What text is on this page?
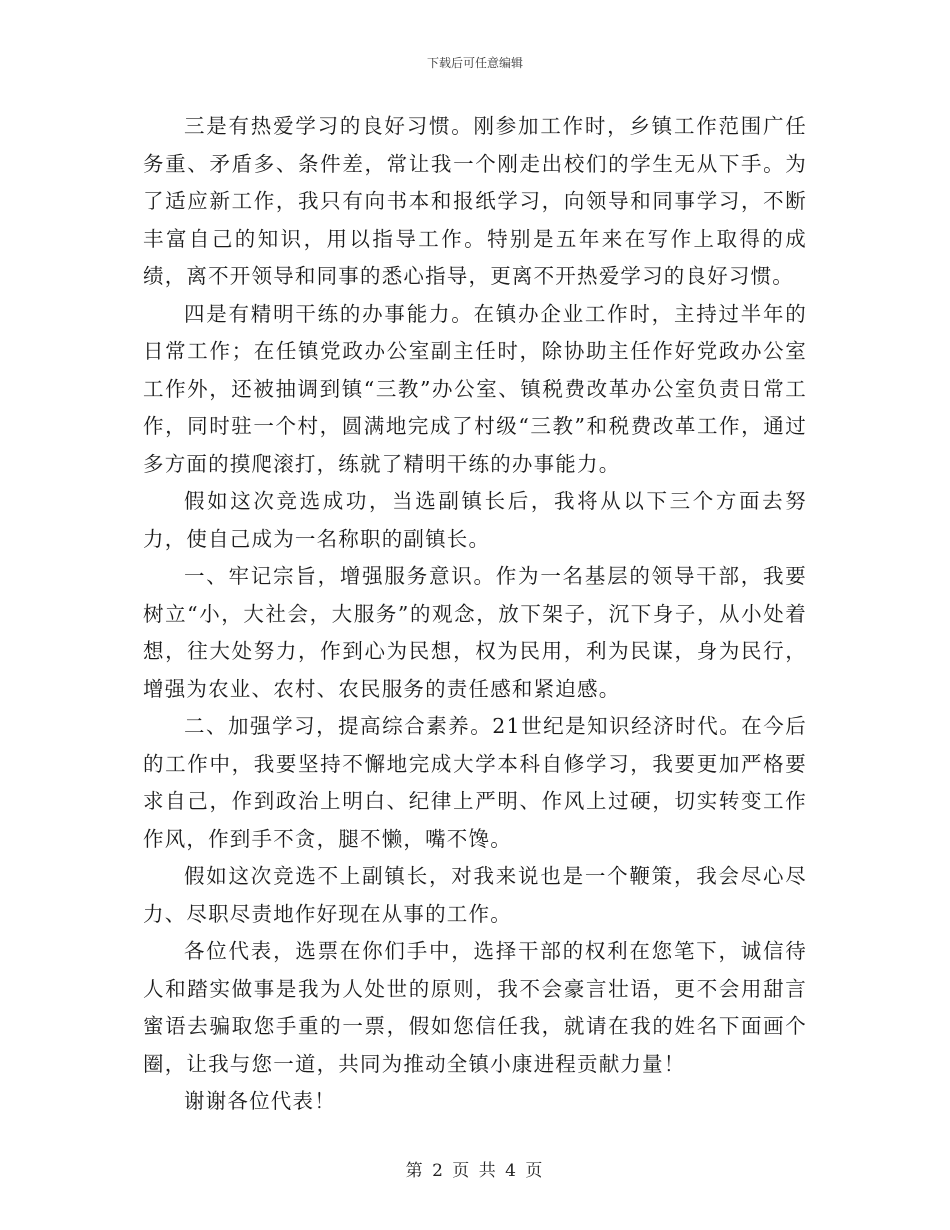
下载后可任意编辑

三是有热爱学习的良好习惯。刚参加工作时，乡镇工作范围广任务重、矛盾多、条件差，常让我一个刚走出校们的学生无从下手。为了适应新工作，我只有向书本和报纸学习，向领导和同事学习，不断丰富自己的知识，用以指导工作。特别是五年来在写作上取得的成绩，离不开领导和同事的悉心指导，更离不开热爱学习的良好习惯。

四是有精明干练的办事能力。在镇办企业工作时，主持过半年的日常工作；在任镇党政办公室副主任时，除协助主任作好党政办公室工作外，还被抽调到镇“三教”办公室、镇税费改革办公室负责日常工作，同时驻一个村，圆满地完成了村级“三教”和税费改革工作，通过多方面的摸爬滚打，练就了精明干练的办事能力。

假如这次竞选成功，当选副镇长后，我将从以下三个方面去努力，使自己成为一名称职的副镇长。

一、牢记宗旨，增强服务意识。作为一名基层的领导干部，我要树立“小，大社会，大服务”的观念，放下架子，沉下身子，从小处着想，往大处努力，作到心为民想，权为民用，利为民谋，身为民行，增强为农业、农村、农民服务的责任感和紧迫感。

二、加强学习，提高综合素养。21世纪是知识经济时代。在今后的工作中，我要坚持不懈地完成大学本科自修学习，我要更加严格要求自己，作到政治上明白、纪律上严明、作风上过硬，切实转变工作作风，作到手不贪，腿不懒，嘴不馋。

假如这次竞选不上副镇长，对我来说也是一个鞭策，我会尽心尽力、尽职尽责地作好现在从事的工作。

各位代表，选票在你们手中，选择干部的权利在您笔下，诚信待人和踏实做事是我为人处世的原则，我不会豪言壮语，更不会用甜言蜜语去骗取您手重的一票，假如您信任我，就请在我的姓名下面画个圈，让我与您一道，共同为推动全镇小康进程贡献力量！

谢谢各位代表！

第 2 页 共 4 页
